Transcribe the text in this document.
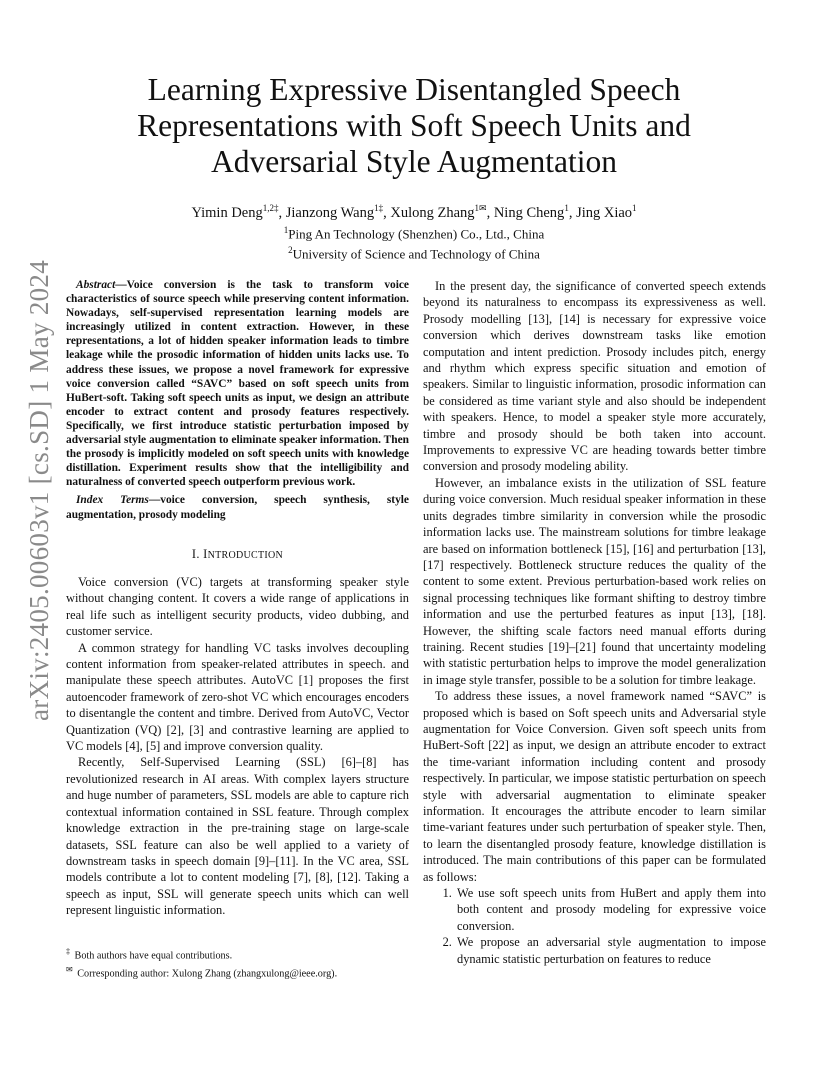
arXiv:2405.00603v1 [cs.SD] 1 May 2024
Learning Expressive Disentangled Speech Representations with Soft Speech Units and Adversarial Style Augmentation
Yimin Deng$^{1,2\ddagger}$, Jianzong Wang$^{1\ddagger}$, Xulong Zhang$^{1✉}$, Ning Cheng$^1$, Jing Xiao$^1$
$^1$Ping An Technology (Shenzhen) Co., Ltd., China
$^2$University of Science and Technology of China

Abstract—Voice conversion is the task to transform voice characteristics of source speech while preserving content information. Nowadays, self-supervised representation learning models are increasingly utilized in content extraction. However, in these representations, a lot of hidden speaker information leads to timbre leakage while the prosodic information of hidden units lacks use. To address these issues, we propose a novel framework for expressive voice conversion called “SAVC” based on soft speech units from HuBert-soft. Taking soft speech units as input, we design an attribute encoder to extract content and prosody features respectively. Specifically, we first introduce statistic perturbation imposed by adversarial style augmentation to eliminate speaker information. Then the prosody is implicitly modeled on soft speech units with knowledge distillation. Experiment results show that the intelligibility and naturalness of converted speech outperform previous work.

Index Terms—voice conversion, speech synthesis, style augmentation, prosody modeling

I. INTRODUCTION

Voice conversion (VC) targets at transforming speaker style without changing content. It covers a wide range of applications in real life such as intelligent security products, video dubbing, and customer service.

A common strategy for handling VC tasks involves decoupling content information from speaker-related attributes in speech. and manipulate these speech attributes. AutoVC [1] proposes the first autoencoder framework of zero-shot VC which encourages encoders to disentangle the content and timbre. Derived from AutoVC, Vector Quantization (VQ) [2], [3] and contrastive learning are applied to VC models [4], [5] and improve conversion quality.

Recently, Self-Supervised Learning (SSL) [6]–[8] has revolutionized research in AI areas. With complex layers structure and huge number of parameters, SSL models are able to capture rich contextual information contained in SSL feature. Through complex knowledge extraction in the pre-training stage on large-scale datasets, SSL feature can also be well applied to a variety of downstream tasks in speech domain [9]–[11]. In the VC area, SSL models contribute a lot to content modeling [7], [8], [12]. Taking a speech as input, SSL will generate speech units which can well represent linguistic information.

‡ Both authors have equal contributions.
✉ Corresponding author: Xulong Zhang (zhangxulong@ieee.org).

In the present day, the significance of converted speech extends beyond its naturalness to encompass its expressiveness as well. Prosody modelling [13], [14] is necessary for expressive voice conversion which derives downstream tasks like emotion computation and intent prediction. Prosody includes pitch, energy and rhythm which express specific situation and emotion of speakers. Similar to linguistic information, prosodic information can be considered as time variant style and also should be independent with speakers. Hence, to model a speaker style more accurately, timbre and prosody should be both taken into account. Improvements to expressive VC are heading towards better timbre conversion and prosody modeling ability.

However, an imbalance exists in the utilization of SSL feature during voice conversion. Much residual speaker information in these units degrades timbre similarity in conversion while the prosodic information lacks use. The mainstream solutions for timbre leakage are based on information bottleneck [15], [16] and perturbation [13], [17] respectively. Bottleneck structure reduces the quality of the content to some extent. Previous perturbation-based work relies on signal processing techniques like formant shifting to destroy timbre information and use the perturbed features as input [13], [18]. However, the shifting scale factors need manual efforts during training. Recent studies [19]–[21] found that uncertainty modeling with statistic perturbation helps to improve the model generalization in image style transfer, possible to be a solution for timbre leakage.

To address these issues, a novel framework named “SAVC” is proposed which is based on Soft speech units and Adversarial style augmentation for Voice Conversion. Given soft speech units from HuBert-Soft [22] as input, we design an attribute encoder to extract the time-variant information including content and prosody respectively. In particular, we impose statistic perturbation on speech style with adversarial augmentation to eliminate speaker information. It encourages the attribute encoder to learn similar time-variant features under such perturbation of speaker style. Then, to learn the disentangled prosody feature, knowledge distillation is introduced. The main contributions of this paper can be formulated as follows:

1. We use soft speech units from HuBert and apply them into both content and prosody modeling for expressive voice conversion.
2. We propose an adversarial style augmentation to impose dynamic statistic perturbation on features to reduce
